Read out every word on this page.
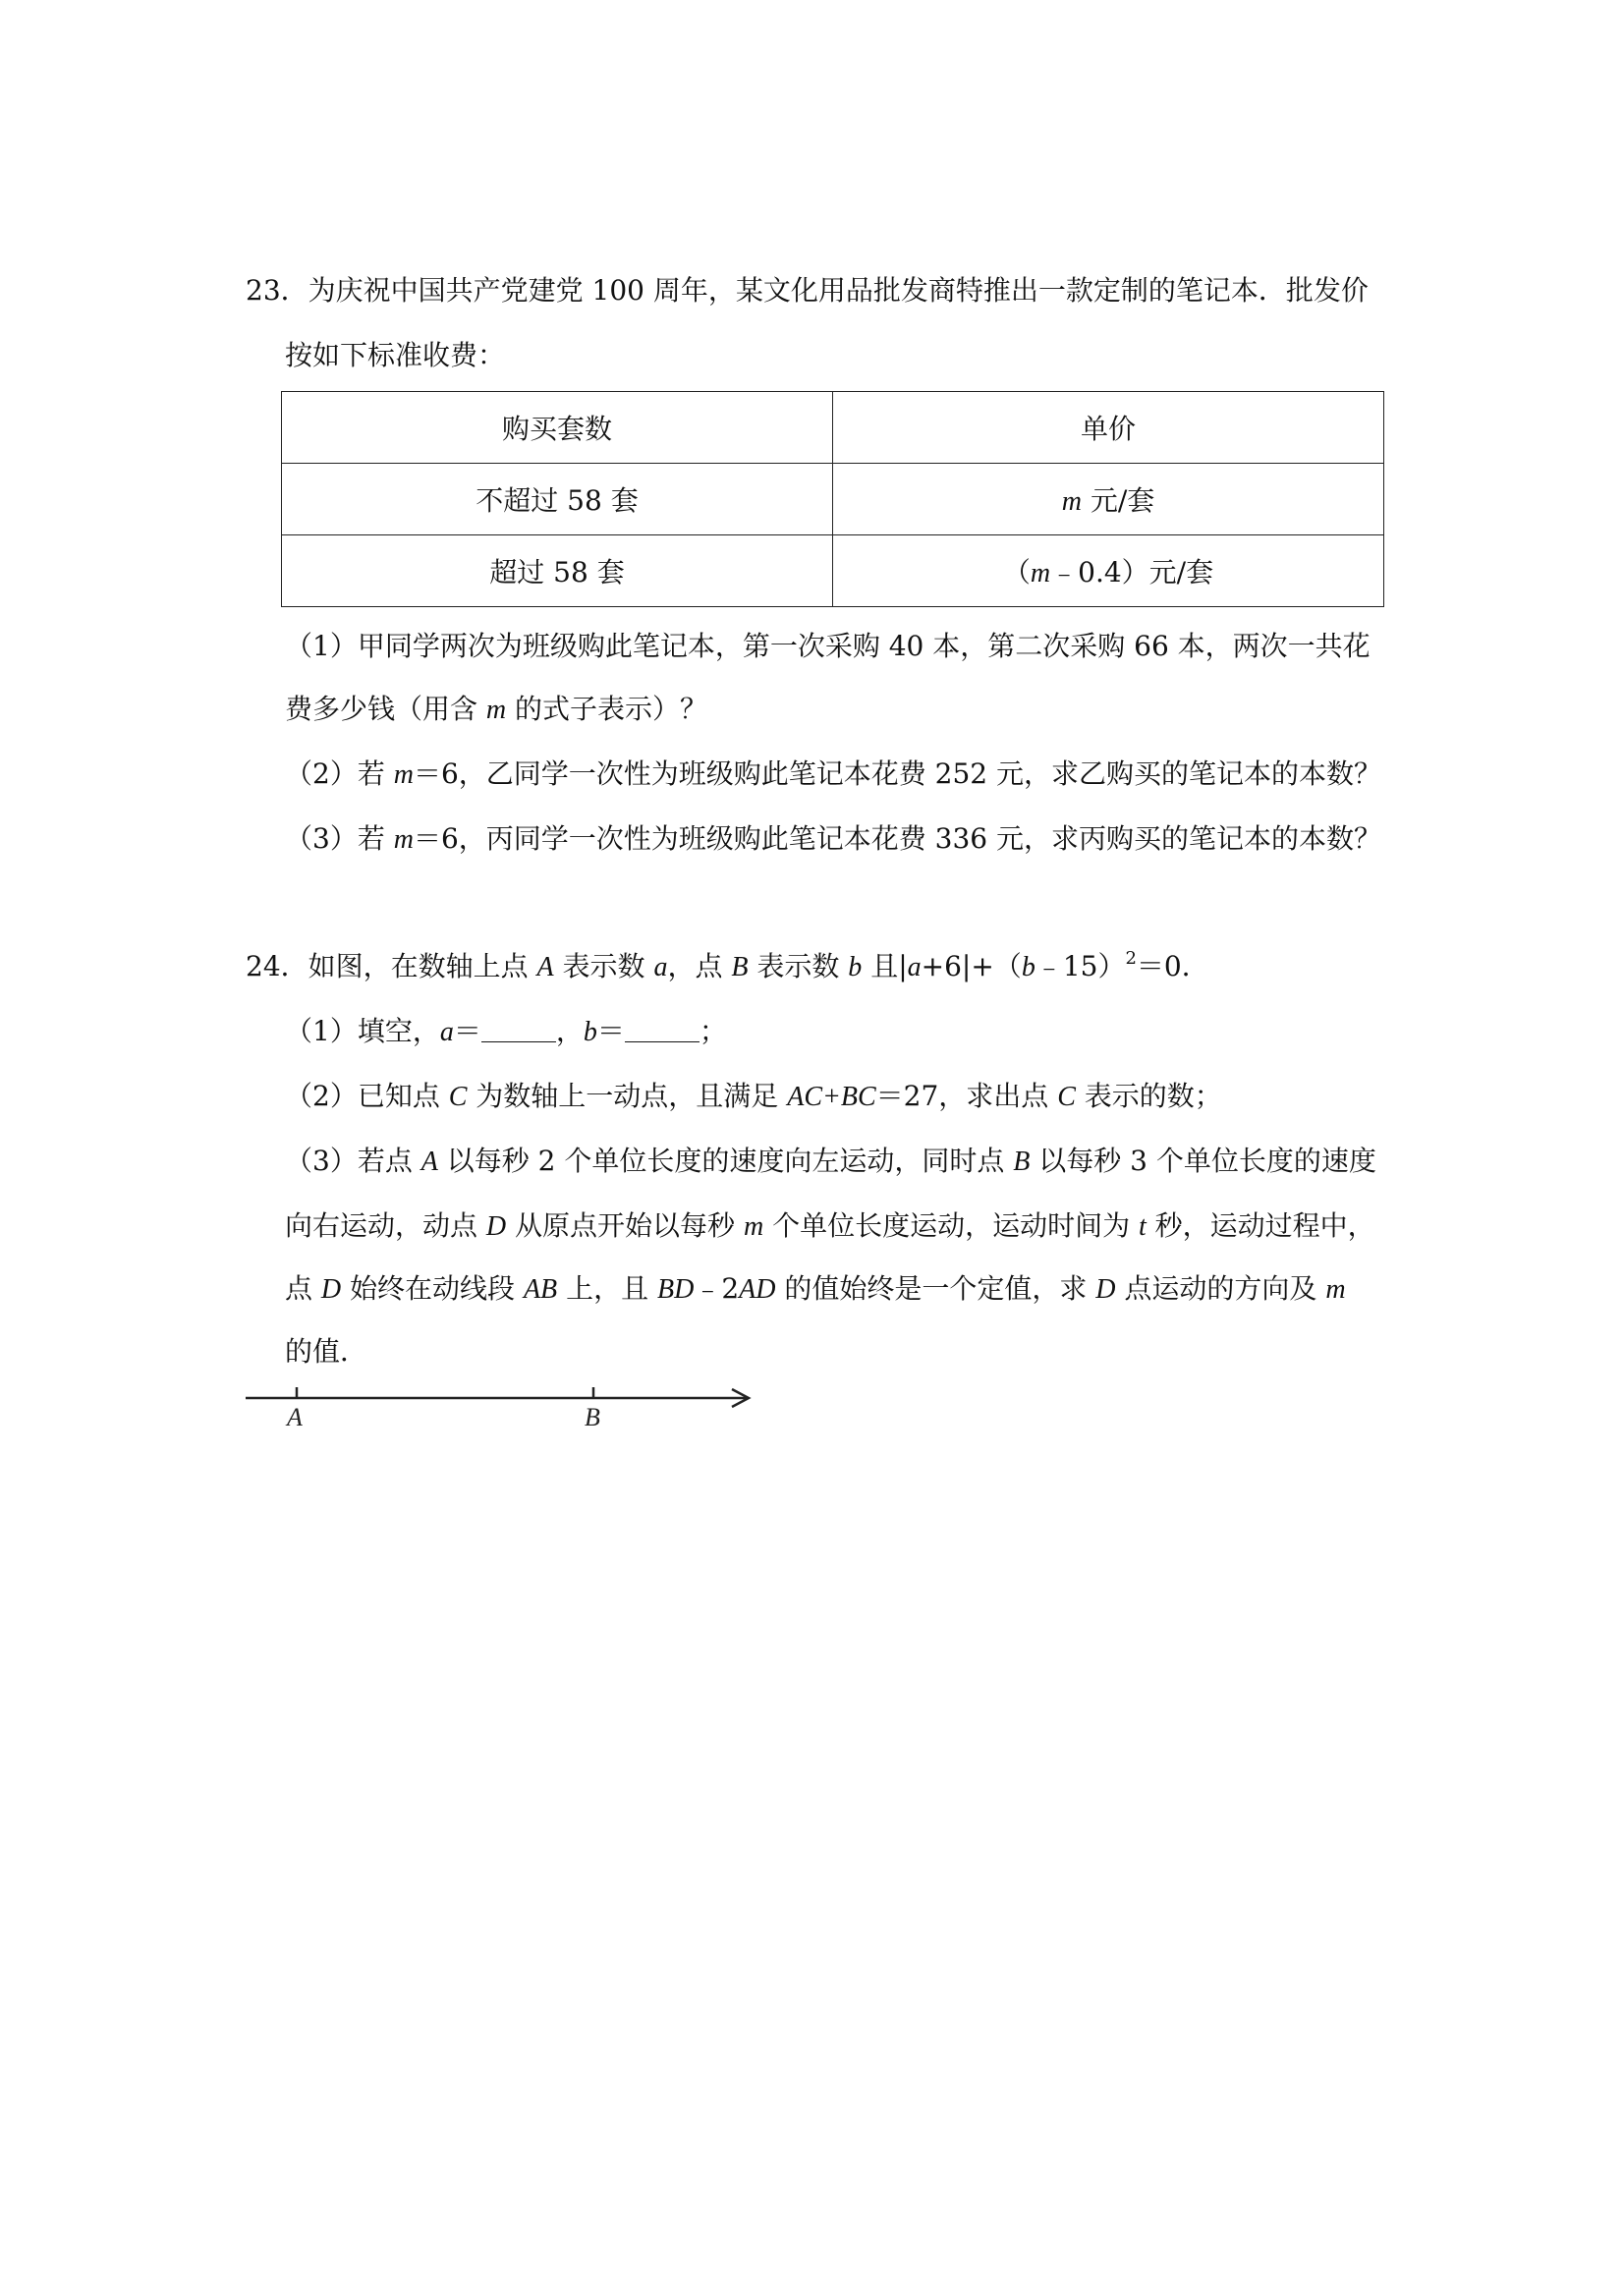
23．为庆祝中国共产党建党 100 周年，某文化用品批发商特推出一款定制的笔记本．批发价
按如下标准收费：
购买套数	单价
不超过 58 套	m 元/套
超过 58 套	（m﹣0.4）元/套
（1）甲同学两次为班级购此笔记本，第一次采购 40 本，第二次采购 66 本，两次一共花
费多少钱（用含 m 的式子表示）？
（2）若 m＝6，乙同学一次性为班级购此笔记本花费 252 元，求乙购买的笔记本的本数？
（3）若 m＝6，丙同学一次性为班级购此笔记本花费 336 元，求丙购买的笔记本的本数？
24．如图，在数轴上点 A 表示数 a，点 B 表示数 b 且|a+6|+（b﹣15）$^2$＝0．
（1）填空，a＝	，b＝	；
（2）已知点 C 为数轴上一动点，且满足 AC+BC＝27，求出点 C 表示的数；
（3）若点 A 以每秒 2 个单位长度的速度向左运动，同时点 B 以每秒 3 个单位长度的速度
向右运动，动点 D 从原点开始以每秒 m 个单位长度运动，运动时间为 t 秒，运动过程中，
点 D 始终在动线段 AB 上，且 BD﹣2AD 的值始终是一个定值，求 D 点运动的方向及 m
的值．
A	B
